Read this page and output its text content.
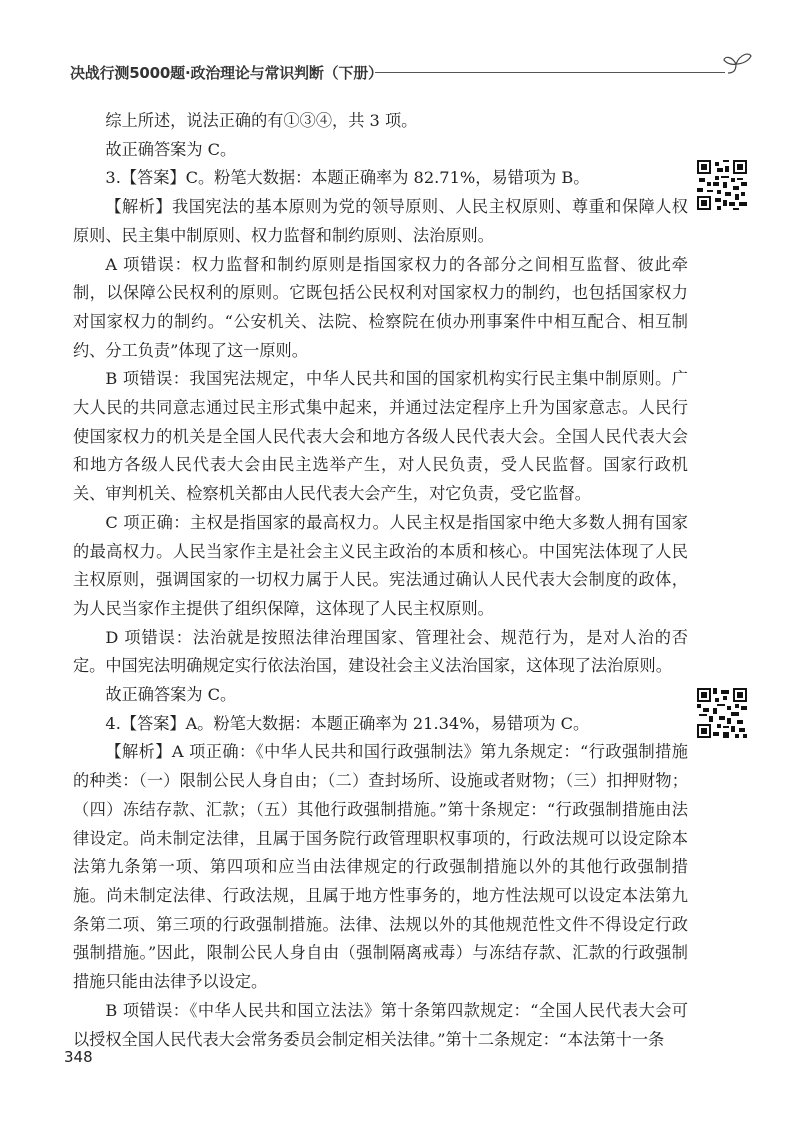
决战行测5000题·政治理论与常识判断（下册）

综上所述，说法正确的有①③④，共 3 项。

故正确答案为 C。

3.【答案】C。粉笔大数据：本题正确率为 82.71%，易错项为 B。

【解析】我国宪法的基本原则为党的领导原则、人民主权原则、尊重和保障人权原则、民主集中制原则、权力监督和制约原则、法治原则。

A 项错误：权力监督和制约原则是指国家权力的各部分之间相互监督、彼此牵制，以保障公民权利的原则。它既包括公民权利对国家权力的制约，也包括国家权力对国家权力的制约。“公安机关、法院、检察院在侦办刑事案件中相互配合、相互制约、分工负责”体现了这一原则。

B 项错误：我国宪法规定，中华人民共和国的国家机构实行民主集中制原则。广大人民的共同意志通过民主形式集中起来，并通过法定程序上升为国家意志。人民行使国家权力的机关是全国人民代表大会和地方各级人民代表大会。全国人民代表大会和地方各级人民代表大会由民主选举产生，对人民负责，受人民监督。国家行政机关、审判机关、检察机关都由人民代表大会产生，对它负责，受它监督。

C 项正确：主权是指国家的最高权力。人民主权是指国家中绝大多数人拥有国家的最高权力。人民当家作主是社会主义民主政治的本质和核心。中国宪法体现了人民主权原则，强调国家的一切权力属于人民。宪法通过确认人民代表大会制度的政体，为人民当家作主提供了组织保障，这体现了人民主权原则。

D 项错误：法治就是按照法律治理国家、管理社会、规范行为，是对人治的否定。中国宪法明确规定实行依法治国，建设社会主义法治国家，这体现了法治原则。

故正确答案为 C。

4.【答案】A。粉笔大数据：本题正确率为 21.34%，易错项为 C。

【解析】A 项正确：《中华人民共和国行政强制法》第九条规定：“行政强制措施的种类：（一）限制公民人身自由；（二）查封场所、设施或者财物；（三）扣押财物；（四）冻结存款、汇款；（五）其他行政强制措施。”第十条规定：“行政强制措施由法律设定。尚未制定法律，且属于国务院行政管理职权事项的，行政法规可以设定除本法第九条第一项、第四项和应当由法律规定的行政强制措施以外的其他行政强制措施。尚未制定法律、行政法规，且属于地方性事务的，地方性法规可以设定本法第九条第二项、第三项的行政强制措施。法律、法规以外的其他规范性文件不得设定行政强制措施。”因此，限制公民人身自由（强制隔离戒毒）与冻结存款、汇款的行政强制措施只能由法律予以设定。

B 项错误：《中华人民共和国立法法》第十条第四款规定：“全国人民代表大会可以授权全国人民代表大会常务委员会制定相关法律。”第十二条规定：“本法第十一条

348
